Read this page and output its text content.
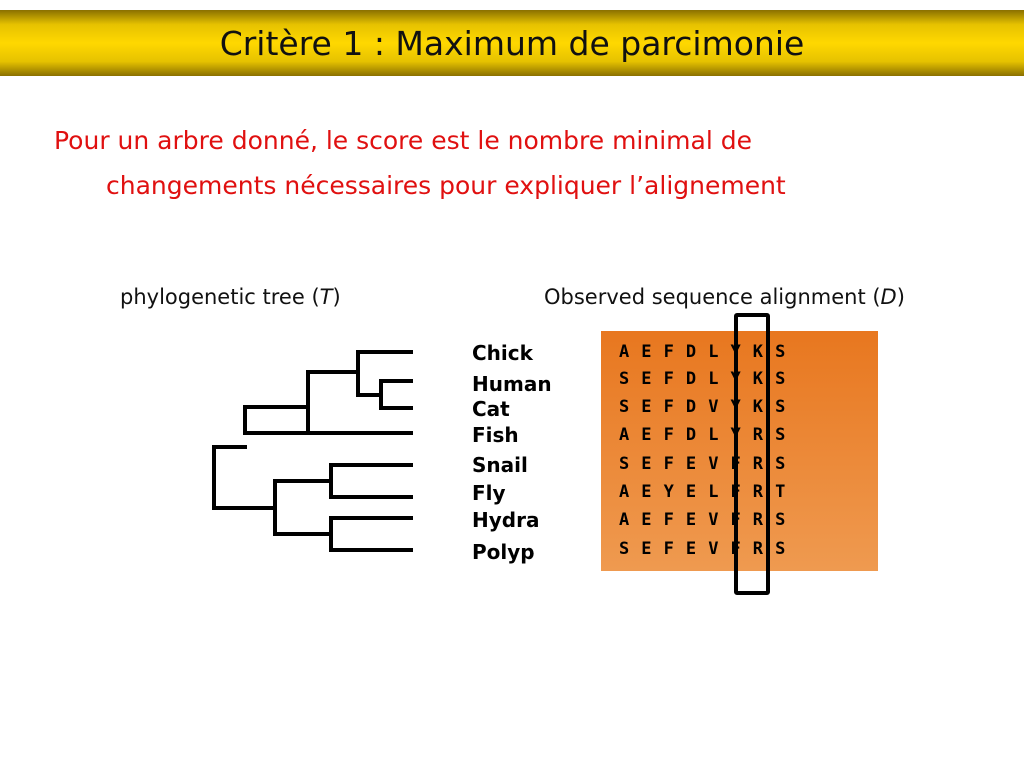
Critère 1 : Maximum de parcimonie
Pour un arbre donné, le score est le nombre minimal de
changements nécessaires pour expliquer l’alignement
phylogenetic tree (T)	Observed sequence alignment (D)
Chick
Human
Cat
Fish
Snail
Fly
Hydra
Polyp
A E F D L Y K S
S E F D L Y K S
S E F D V Y K S
A E F D L Y R S
S E F E V F R S
A E Y E L F R T
A E F E V F R S
S E F E V F R S
